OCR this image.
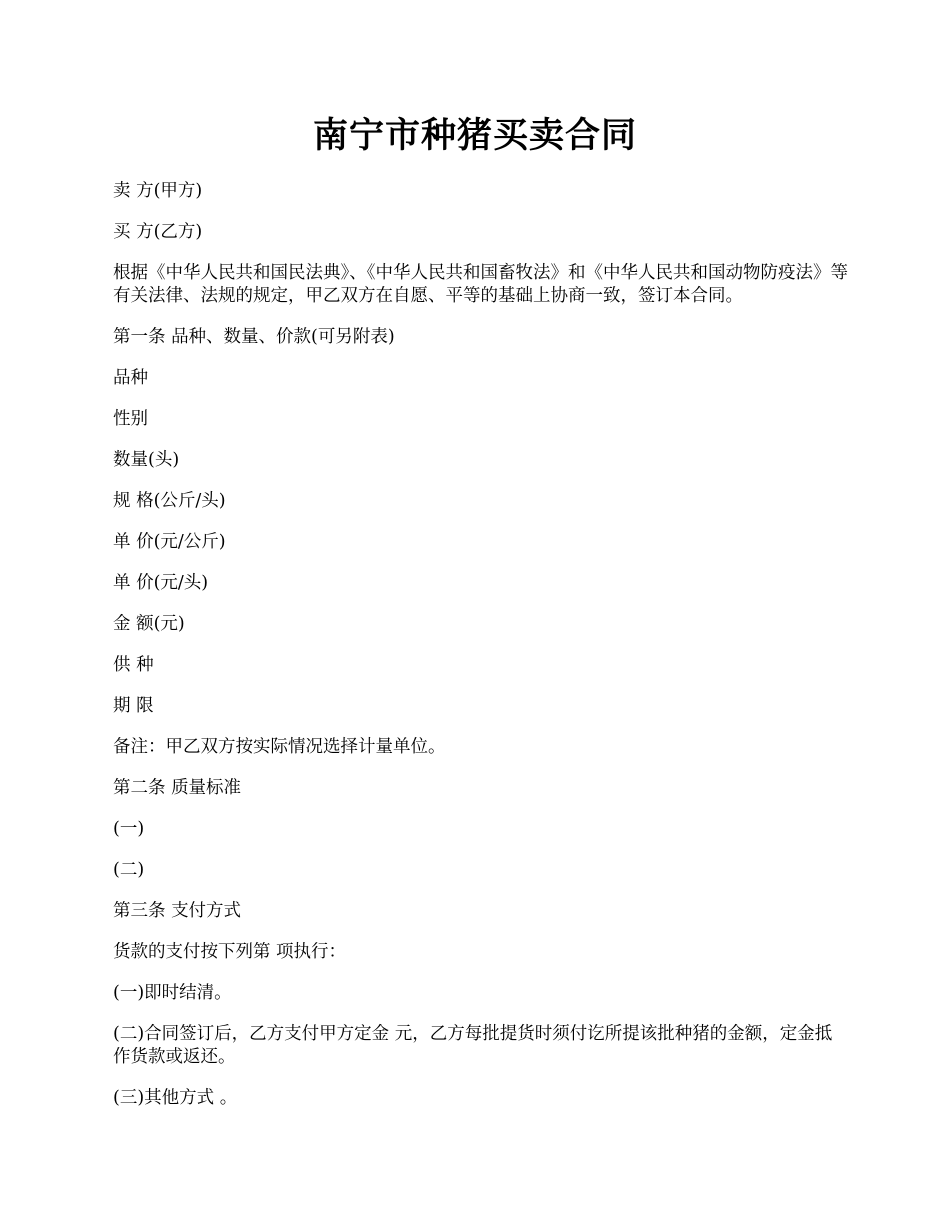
南宁市种猪买卖合同

卖 方(甲方)

买 方(乙方)

根据《中华人民共和国民法典》、《中华人民共和国畜牧法》和《中华人民共和国动物防疫法》等有关法律、法规的规定，甲乙双方在自愿、平等的基础上协商一致，签订本合同。

第一条 品种、数量、价款(可另附表)

品种

性别

数量(头)

规 格(公斤/头)

单 价(元/公斤)

单 价(元/头)

金 额(元)

供 种

期 限

备注：甲乙双方按实际情况选择计量单位。

第二条 质量标准

(一)

(二)

第三条 支付方式

货款的支付按下列第 项执行：

(一)即时结清。

(二)合同签订后，乙方支付甲方定金 元，乙方每批提货时须付讫所提该批种猪的金额，定金抵作货款或返还。

(三)其他方式 。
